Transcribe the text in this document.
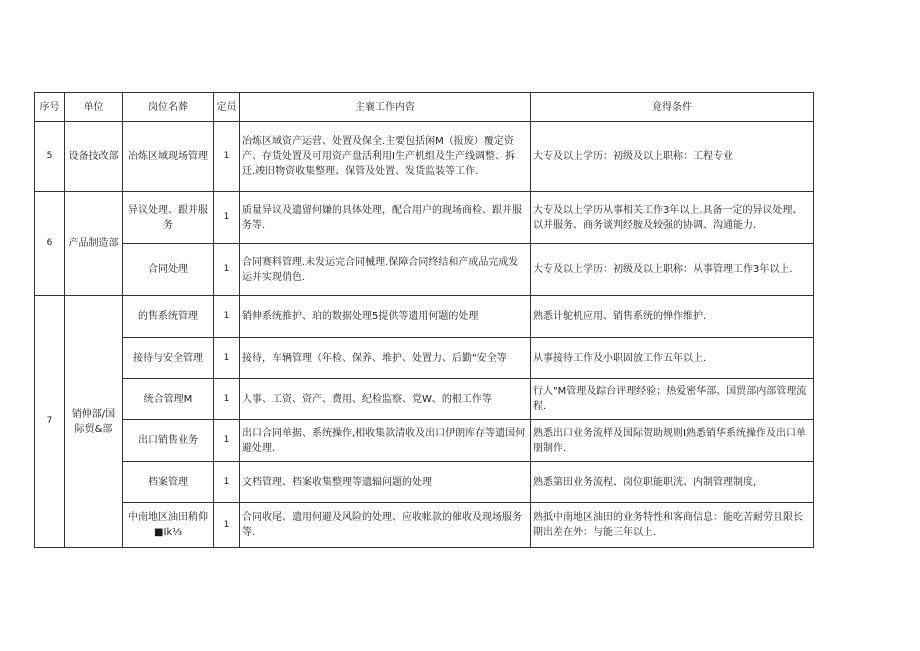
序号	单位	岗位名葬	定员	主襄工作内咨	竟得条件
5	设备技改部	冶炼区域现场管理	1	冶炼区域资产运营、处置及保全.主要包括闲M（报废）覆定资产、存货处置及可用资产盘活利用I生产机组及生产线调整、拆迁.竣旧物资收集整理、保管及处置、发货监装等工作.	大专及以上学历：初级及以上职称：工程专业
6	产品制造部	异议处理、跟并服务	1	质量异议及遗留何嫌的具体处理，配合用户的现场商检、跟并服务等.	大专及以上学历从事相关工作3年以上.具备一定的异议处理、以并服务、商务谈判经胺及较强的协调、沟通能力.
		合同处理	1	合同赛料管理.未发运完合同械理.保障合同终结和产成品完成发运并实现俏色.	大专及以上学历：初级及以上职称：从事管理工作3年以上.
7	销伸部/国际贸&部	的售系统管理	1	销伸系统推护、珀的数据处理5提供等遗用何题的处理	熟悉计鸵机应用、销售系统的惮作维护.
		接待与安全管理	1	接待，车辆管理（年检、保养、堆护、处置力、后勤"安全等	从事接待工作及小职固放工作五年以上.
		统合管理M	1	人事、工资、资产、费用、纪检监察、党W、的根工作等	行人"M管理及踪台评理经验；热爱密华部、国贸部内部管理流程.
		出口销售业务	1	出口合同单据、系统操作,相收集款清收及出口伊朗库存等遗国何避处理.	熟悉出口业务流样及国际贺助规则I熟悉销华系统操作及出口单朋制作.
		档案管理	1	文档管理、档案收集整理等遗辐问题的处理	熟悉第田业务流程、岗位职能职洸、内制管理制度，
		中南地区油田稍仰■Ik⅓	1	合同收尾、遗用何避及风险的处理、应收帐款的催收及现场服务等.	熟抵中南地区油田的业务特性和客商信息：能吃苦耐劳且限长期出差在外：与能三年以上.
